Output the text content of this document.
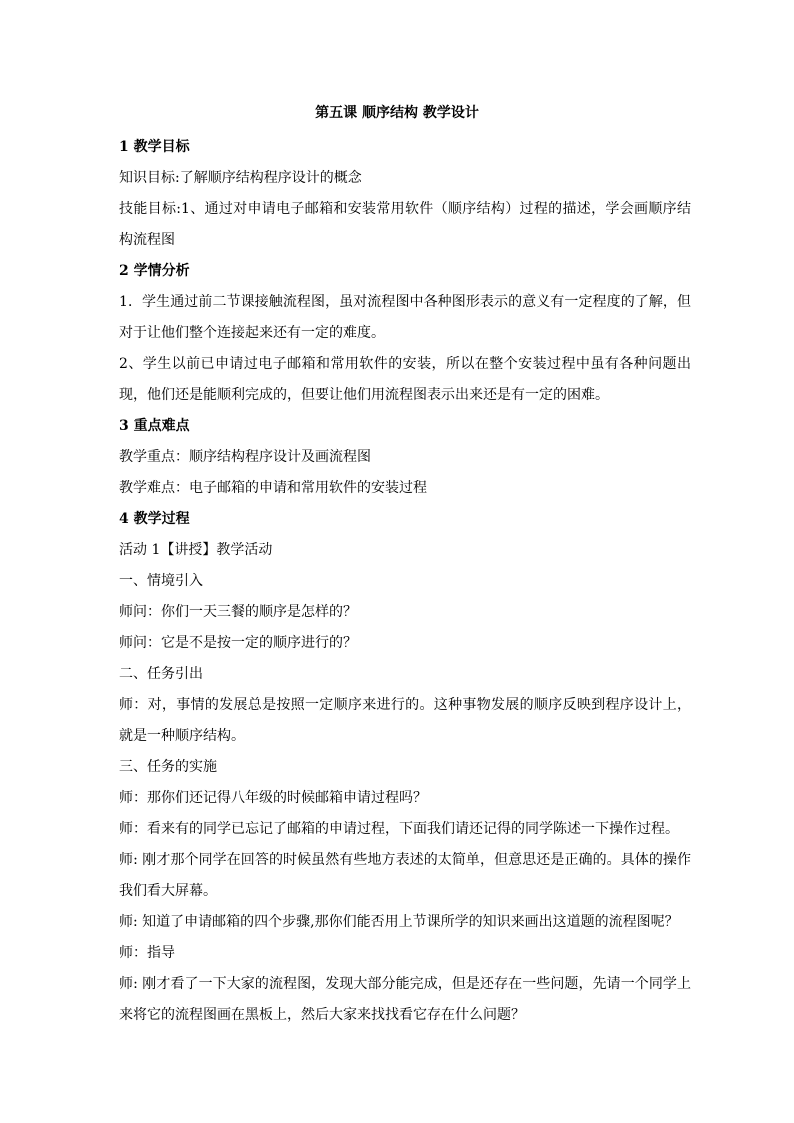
第五课 顺序结构 教学设计

1 教学目标

知识目标:了解顺序结构程序设计的概念

技能目标:1、通过对申请电子邮箱和安装常用软件（顺序结构）过程的描述，学会画顺序结构流程图

2 学情分析

1．学生通过前二节课接触流程图，虽对流程图中各种图形表示的意义有一定程度的了解，但对于让他们整个连接起来还有一定的难度。

2、学生以前已申请过电子邮箱和常用软件的安装，所以在整个安装过程中虽有各种问题出现，他们还是能顺利完成的，但要让他们用流程图表示出来还是有一定的困难。

3 重点难点

教学重点：顺序结构程序设计及画流程图

教学难点：电子邮箱的申请和常用软件的安装过程

4 教学过程

活动 1【讲授】教学活动

一、情境引入

师问：你们一天三餐的顺序是怎样的？

师问：它是不是按一定的顺序进行的？

二、任务引出

师：对，事情的发展总是按照一定顺序来进行的。这种事物发展的顺序反映到程序设计上，就是一种顺序结构。

三、任务的实施

师：那你们还记得八年级的时候邮箱申请过程吗？

师：看来有的同学已忘记了邮箱的申请过程，下面我们请还记得的同学陈述一下操作过程。

师: 刚才那个同学在回答的时候虽然有些地方表述的太简单，但意思还是正确的。具体的操作我们看大屏幕。

师: 知道了申请邮箱的四个步骤,那你们能否用上节课所学的知识来画出这道题的流程图呢？

师：指导

师: 刚才看了一下大家的流程图，发现大部分能完成，但是还存在一些问题，先请一个同学上来将它的流程图画在黑板上，然后大家来找找看它存在什么问题？
